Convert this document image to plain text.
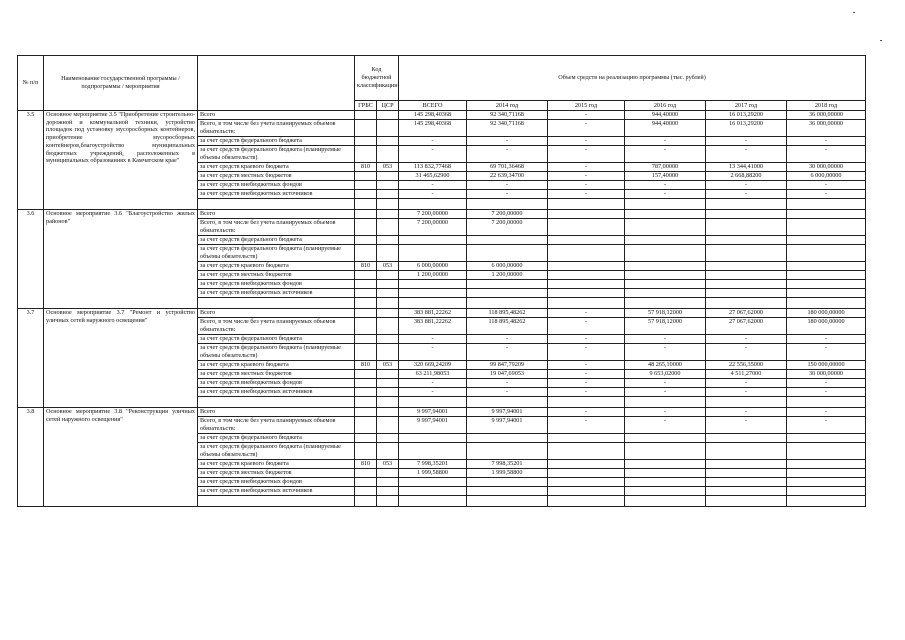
№ п/п	Наименование государственной программы / подпрограммы / мероприятия		Код бюджетной классификации		Объем средств на реализацию программы (тыс. рублей)					
			ГРБС	ЦСР	ВСЕГО	2014 год	2015 год	2016 год	2017 год	2018 год
3.5	Основное мероприятие 3.5 "Приобретение строительно-дорожной и коммунальной техники, устройство площадок под установку мусоросборных контейнеров, приобретение мусоросборных контейнеров,благоустройство муниципальных бюджетных учреждений, расположенных в муниципальных образованиях в Камчатском крае"	Всего			145 298,40368	92 340,71168	-	944,40000	16 013,29200	36 000,00000
		Всего, в том числе без учета планируемых объемов обязательств:			145 298,40368	92 340,71168	-	944,40000	16 013,29200	36 000,00000
		за счет средств федерального бюджета			-	-	-	-	-	-
		за счет средств федерального бюджета (планируемые объемы обязательств)			-	-	-	-	-	-
		за счет средств краевого бюджета	810	053	113 832,77468	69 701,36468	-	787,00000	13 344,41000	30 000,00000
		за счет средств местных бюджетов			31 465,62900	22 639,34700	-	157,40000	2 668,88200	6 000,00000
		за счет средств внебюджетных фондов			-	-	-	-	-	-
		за счет средств внебюджетных источников			-	-	-	-	-	-

3.6	Основное мероприятие 3.6 "Благоустройство жилых районов"	Всего			7 200,00000	7 200,00000				
		Всего, в том числе без учета планируемых объемов обязательств:			7 200,00000	7 200,00000				
		за счет средств федерального бюджета								
		за счет средств федерального бюджета (планируемые объемы обязательств)								
		за счет средств краевого бюджета	810	053	6 000,00000	6 000,00000				
		за счет средств местных бюджетов			1 200,00000	1 200,00000				
		за счет средств внебюджетных фондов								
		за счет средств внебюджетных источников								

3.7	Основное мероприятие 3.7 "Ремонт и устройство уличных сетей наружного освещения"	Всего			383 881,22262	118 895,48262	-	57 918,12000	27 067,62000	180 000,00000
		Всего, в том числе без учета планируемых объемов обязательств:			383 881,22262	118 895,48262	-	57 918,12000	27 067,62000	180 000,00000
		за счет средств федерального бюджета			-	-	-	-	-	-
		за счет средств федерального бюджета (планируемые объемы обязательств)			-	-	-	-	-	-
		за счет средств краевого бюджета	810	053	320 669,24209	99 847,79209	-	48 265,10000	22 556,35000	150 000,00000
		за счет средств местных бюджетов			63 211,98053	19 047,69053	-	9 653,02000	4 511,27000	30 000,00000
		за счет средств внебюджетных фондов			-	-	-	-	-	-
		за счет средств внебюджетных источников			-	-	-	-	-	-

3.8	Основное мероприятие 3.8 "Реконструкция уличных сетей наружного освещения"	Всего			9 997,94001	9 997,94001	-	-	-	-
		Всего, в том числе без учета планируемых объемов обязательств:			9 997,94001	9 997,94001	-	-	-	-
		за счет средств федерального бюджета								
		за счет средств федерального бюджета (планируемые объемы обязательств)								
		за счет средств краевого бюджета	810	053	7 998,35201	7 998,35201				
		за счет средств местных бюджетов			1 999,58800	1 999,58800				
		за счет средств внебюджетных фондов								
		за счет средств внебюджетных источников								
